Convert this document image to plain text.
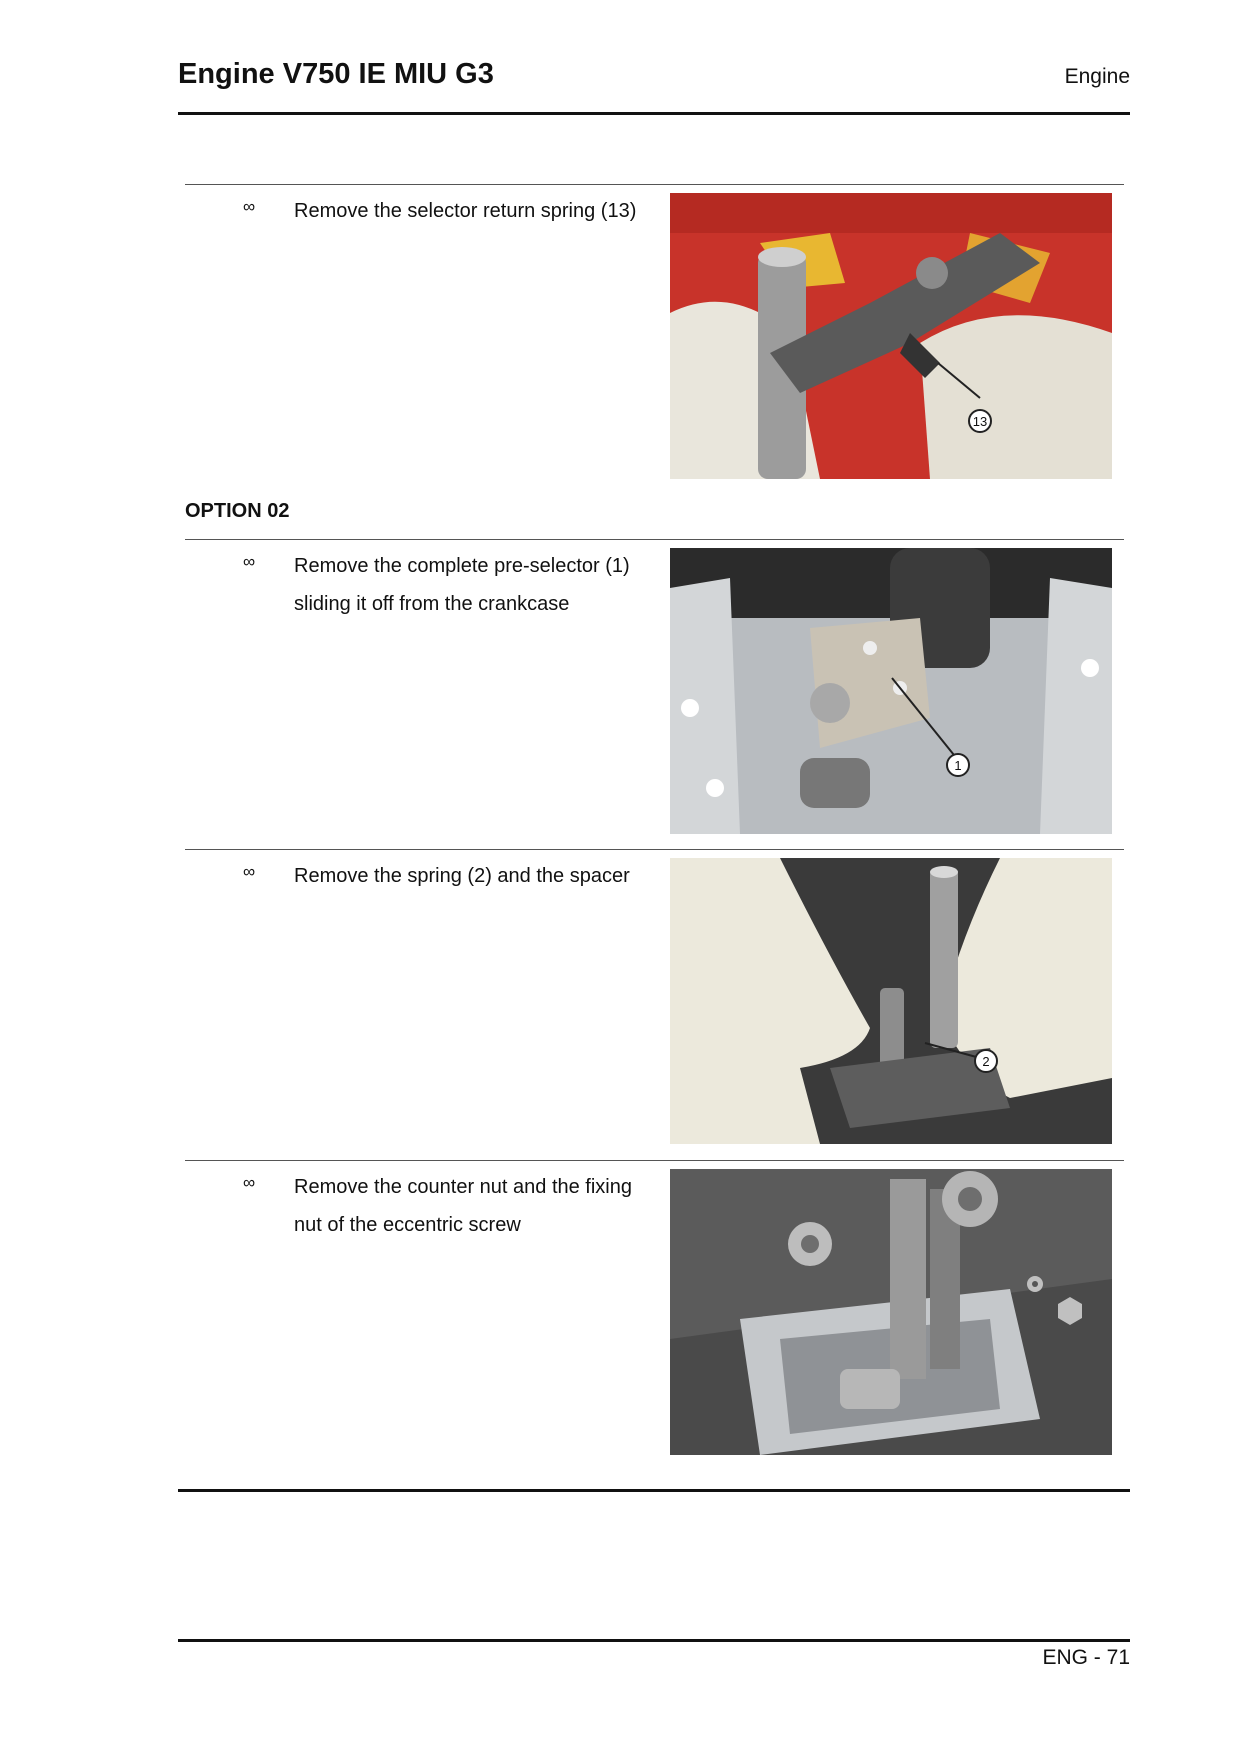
Engine V750 IE MIU G3	Engine
∞ Remove the selector return spring (13)
13
OPTION 02
∞ Remove the complete pre-selector (1) sliding it off from the crankcase
1
∞ Remove the spring (2) and the spacer
2
∞ Remove the counter nut and the fixing nut of the eccentric screw
ENG - 71
